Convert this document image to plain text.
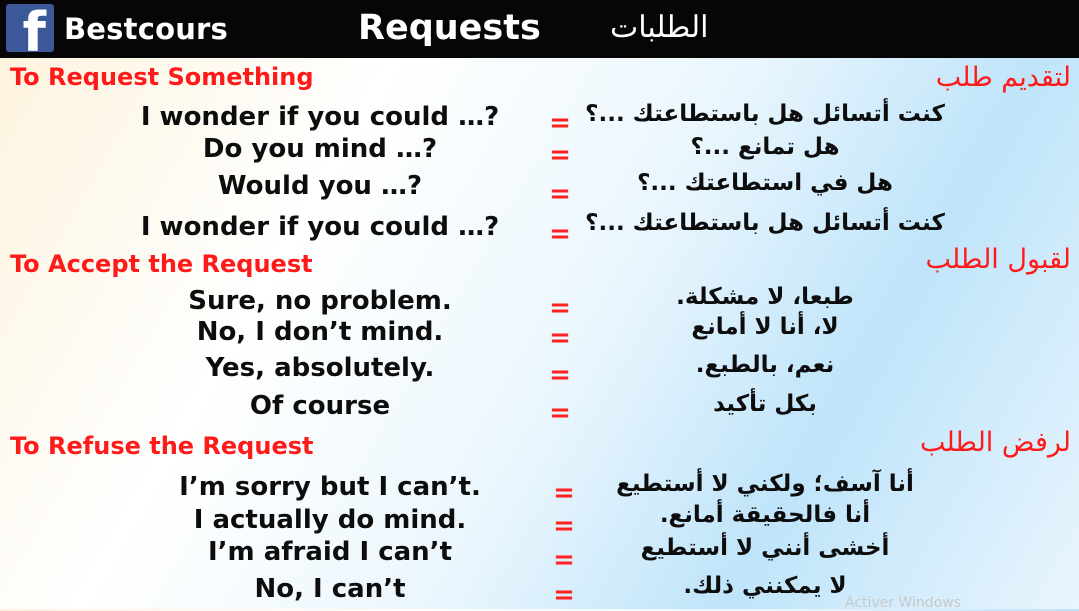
f Bestcours	Requests الطلبات
To Request Something	لتقديم طلب
I wonder if you could …?	= كنت أتسائل هل باستطاعتك ...؟
Do you mind …?	=	هل تمانع ...؟
Would you …?	=	هل في استطاعتك ...؟
I wonder if you could …?	= كنت أتسائل هل باستطاعتك ...؟
To Accept the Request	لقبول الطلب
Sure, no problem.	=	طبعا، لا مشكلة.
No, I don’t mind.	=	لا، أنا لا أمانع
Yes, absolutely.	=	نعم، بالطبع.
Of course	=	بكل تأكيد
To Refuse the Request	لرفض الطلب
I’m sorry but I can’t.	=	أنا آسف؛ ولكني لا أستطيع
I actually do mind.	=	أنا فالحقيقة أمانع.
I’m afraid I can’t	=	أخشى أنني لا أستطيع
No, I can’t	=	لا يمكنني ذلك.
Activer Windows
